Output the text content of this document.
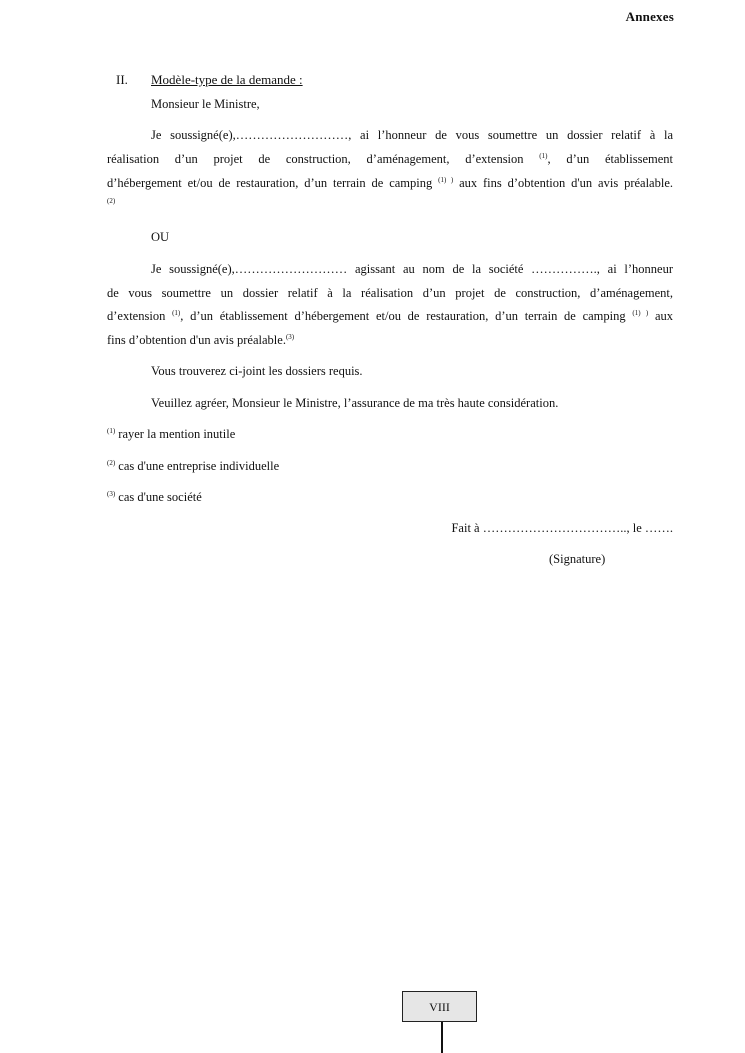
Annexes
II. Modèle-type de la demande :
Monsieur le Ministre,
Je soussigné(e),………………………, ai l’honneur de vous soumettre un dossier relatif à la
réalisation d’un projet de construction, d’aménagement, d’extension $^{(1)}$, d’un établissement
d’hébergement et/ou de restauration, d’un terrain de camping $^{(1) )}$ aux fins d’obtention d'un avis préalable.
(2)
OU
Je soussigné(e),……………………… agissant au nom de la société ……………., ai l’honneur
de vous soumettre un dossier relatif à la réalisation d’un projet de construction, d’aménagement,
d’extension $^{(1)}$, d’un établissement d’hébergement et/ou de restauration, d’un terrain de camping $^{(1) )}$ aux
fins d’obtention d'un avis préalable.$^{(3)}$
Vous trouverez ci-joint les dossiers requis.
Veuillez agréer, Monsieur le Ministre, l’assurance de ma très haute considération.
$^{(1)}$ rayer la mention inutile
$^{(2)}$ cas d'une entreprise individuelle
$^{(3)}$ cas d'une société
Fait à …………………………….., le …….
(Signature)
VIII
